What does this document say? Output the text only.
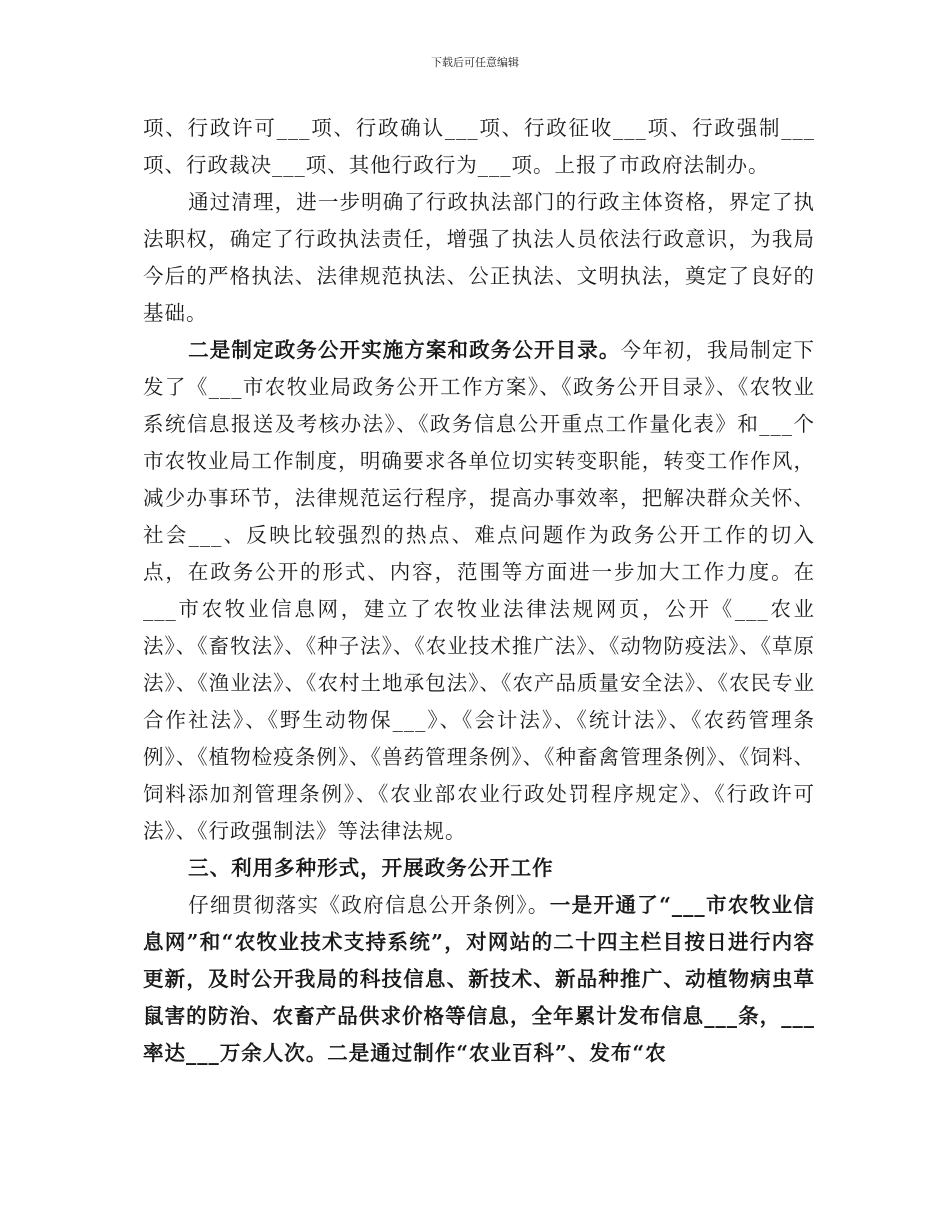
下载后可任意编辑

项、行政许可___项、行政确认___项、行政征收___项、行政强制___项、行政裁决___项、其他行政行为___项。上报了市政府法制办。

通过清理，进一步明确了行政执法部门的行政主体资格，界定了执法职权，确定了行政执法责任，增强了执法人员依法行政意识，为我局今后的严格执法、法律规范执法、公正执法、文明执法，奠定了良好的基础。

二是制定政务公开实施方案和政务公开目录。今年初，我局制定下发了《___市农牧业局政务公开工作方案》、《政务公开目录》、《农牧业系统信息报送及考核办法》、《政务信息公开重点工作量化表》和___个市农牧业局工作制度，明确要求各单位切实转变职能，转变工作作风，减少办事环节，法律规范运行程序，提高办事效率，把解决群众关怀、社会___、反映比较强烈的热点、难点问题作为政务公开工作的切入点，在政务公开的形式、内容，范围等方面进一步加大工作力度。在___市农牧业信息网，建立了农牧业法律法规网页，公开《___农业法》、《畜牧法》、《种子法》、《农业技术推广法》、《动物防疫法》、《草原法》、《渔业法》、《农村土地承包法》、《农产品质量安全法》、《农民专业合作社法》、《野生动物保___》、《会计法》、《统计法》、《农药管理条例》、《植物检疫条例》、《兽药管理条例》、《种畜禽管理条例》、《饲料、饲料添加剂管理条例》、《农业部农业行政处罚程序规定》、《行政许可法》、《行政强制法》等法律法规。

三、利用多种形式，开展政务公开工作

仔细贯彻落实《政府信息公开条例》。一是开通了“___市农牧业信息网”和“农牧业技术支持系统”，对网站的二十四主栏目按日进行内容更新，及时公开我局的科技信息、新技术、新品种推广、动植物病虫草鼠害的防治、农畜产品供求价格等信息，全年累计发布信息___条，___率达___万余人次。二是通过制作“农业百科”、发布“农
